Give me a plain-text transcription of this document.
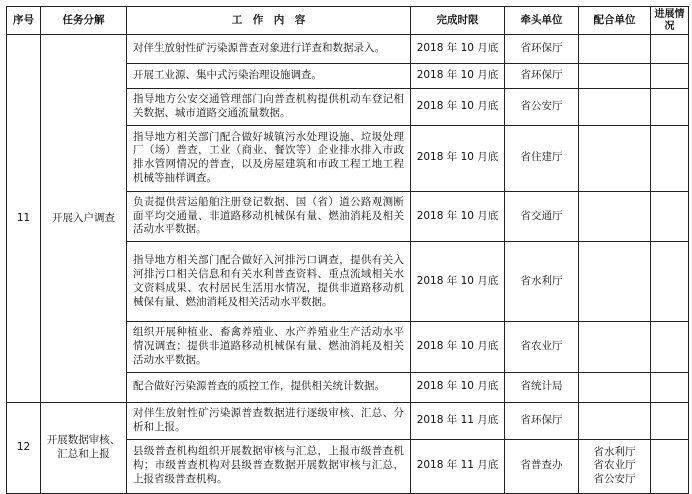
序号	任务分解	工　作　内　容	完成时限	牵头单位	配合单位	进展情况
11	开展入户调查	对伴生放射性矿污染源普查对象进行详查和数据录入。	2018 年 10 月底	省环保厅		
		开展工业源、集中式污染治理设施调查。	2018 年 10 月底	省环保厅		
		指导地方公安交通管理部门向普查机构提供机动车登记相关数据、城市道路交通流量数据。	2018 年 10 月底	省公安厅		
		指导地方相关部门配合做好城镇污水处理设施、垃圾处理厂（场）普查，工业（商业、餐饮等）企业排水排入市政排水管网情况的普查，以及房屋建筑和市政工程工地工程机械等抽样调查。	2018 年 10 月底	省住建厅		
		负责提供营运船舶注册登记数据、国（省）道公路观测断面平均交通量、非道路移动机械保有量、燃油消耗及相关活动水平数据。	2018 年 10 月底	省交通厅		
		指导地方相关部门配合做好入河排污口调查，提供有关入河排污口相关信息和有关水利普查资料、重点流域相关水文资料成果、农村居民生活用水情况，提供非道路移动机械保有量、燃油消耗及相关活动水平数据。	2018 年 10 月底	省水利厅		
		组织开展种植业、畜禽养殖业、水产养殖业生产活动水平情况调查；提供非道路移动机械保有量、燃油消耗及相关活动水平数据。	2018 年 10 月底	省农业厅		
		配合做好污染源普查的质控工作，提供相关统计数据。	2018 年 10 月底	省统计局		
12	开展数据审核、汇总和上报	对伴生放射性矿污染源普查数据进行逐级审核、汇总、分析和上报。	2018 年 11 月底	省环保厅		
		县级普查机构组织开展数据审核与汇总，上报市级普查机构；市级普查机构对县级普查数据开展数据审核与汇总，上报省级普查机构。	2018 年 11 月底	省普查办	省水利厅
省农业厅
省公安厅	
